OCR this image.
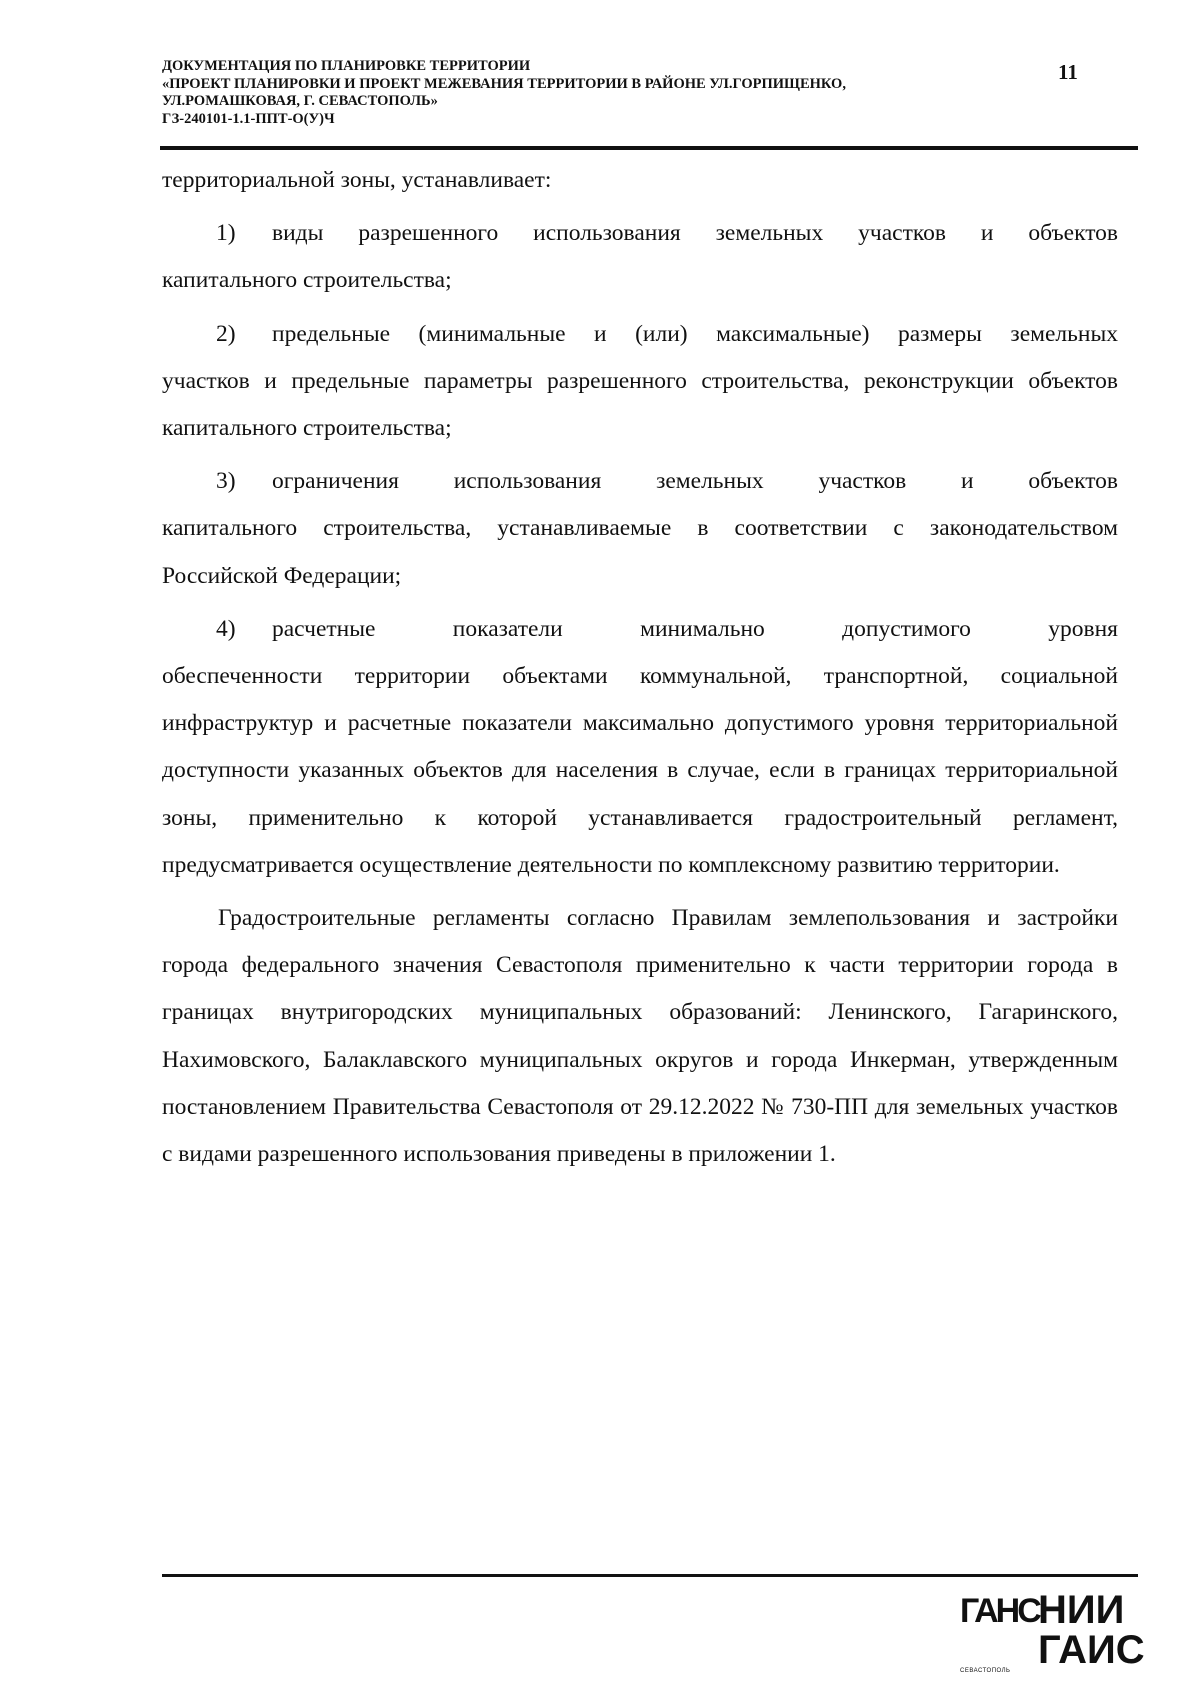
ДОКУМЕНТАЦИЯ ПО ПЛАНИРОВКЕ ТЕРРИТОРИИ
«ПРОЕКТ ПЛАНИРОВКИ И ПРОЕКТ МЕЖЕВАНИЯ ТЕРРИТОРИИ В РАЙОНЕ УЛ.ГОРПИЩЕНКО,
УЛ.РОМАШКОВАЯ, Г. СЕВАСТОПОЛЬ»
ГЗ-240101-1.1-ППТ-О(У)Ч
11

территориальной зоны, устанавливает:

1)	виды разрешенного использования земельных участков и объектов

капитального строительства;

2)	предельные (минимальные и (или) максимальные) размеры земельных

участков и предельные параметры разрешенного строительства, реконструкции объектов капитального строительства;

3)	ограничения использования земельных участков и объектов

капитального строительства, устанавливаемые в соответствии с законодательством Российской Федерации;

4)	расчетные показатели минимально допустимого уровня

обеспеченности территории объектами коммунальной, транспортной, социальной инфраструктур и расчетные показатели максимально допустимого уровня территориальной доступности указанных объектов для населения в случае, если в границах территориальной зоны, применительно к которой устанавливается градостроительный регламент, предусматривается осуществление деятельности по комплексному развитию территории.

Градостроительные регламенты согласно Правилам землепользования и застройки города федерального значения Севастополя применительно к части территории города в границах внутригородских муниципальных образований: Ленинского, Гагаринского, Нахимовского, Балаклавского муниципальных округов и города Инкерман, утвержденным постановлением Правительства Севастополя от 29.12.2022 № 730-ПП для земельных участков с видами разрешенного использования приведены в приложении 1.

ГАНС
СЕВАСТОПОЛЬ
НИИ
ГАИС
